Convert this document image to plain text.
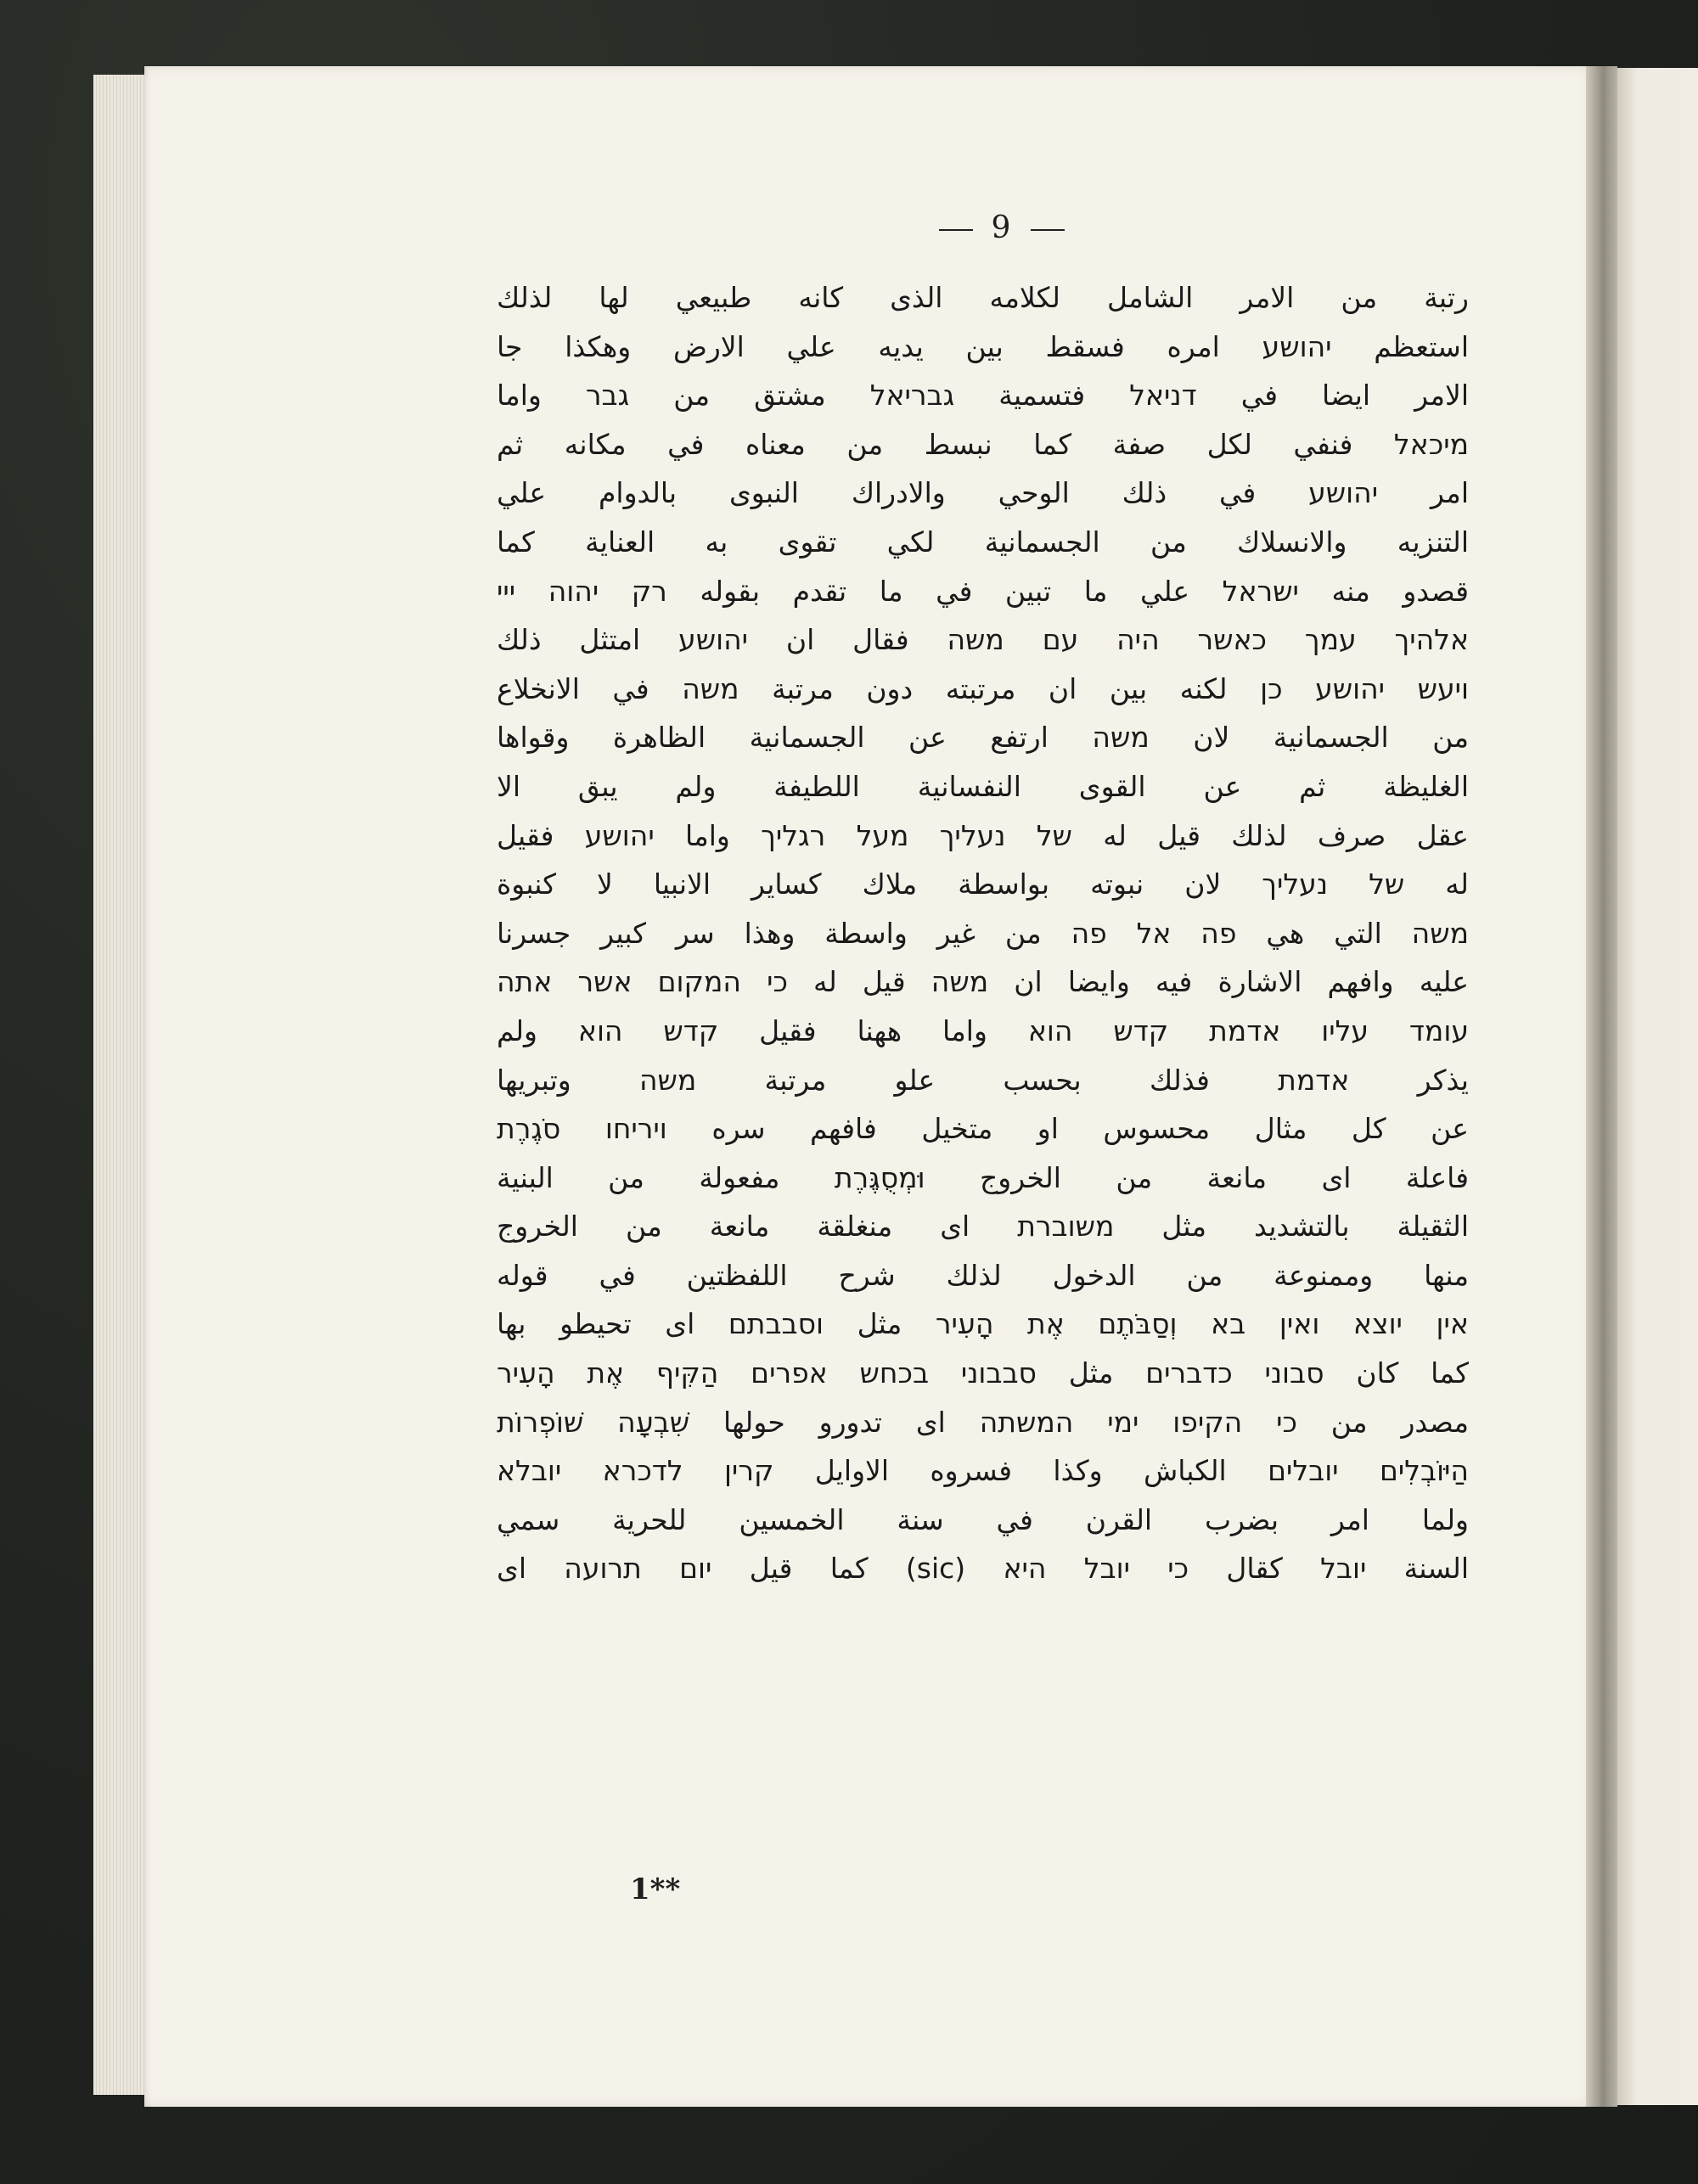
9
رتبة من الامر الشامل لكلامه الذى كانه طبيعي لها لذلك
استعظم יהושע امره فسقط بين يديه علي الارض وهكذا جا
الامر ايضا في דניאל فتسمية גבריאל مشتق من גבר واما
מיכאל فنفي لكل صفة كما نبسط من معناه في مكانه ثم
امر יהושע في ذلك الوحي والادراك النبوى بالدوام علي
التنزيه والانسلاك من الجسمانية لكي تقوى به العناية كما
قصدو منه ישראל علي ما تبين في ما تقدم بقوله רק יהוה ייי
אלהיך עמך כאשר היה עם משה فقال ان יהושע امتثل ذلك
ויעש יהושע כן لكنه بين ان مرتبته دون مرتبة משה في الانخلاع
من الجسمانية لان משה ارتفع عن الجسمانية الظاهرة وقواها
الغليظة ثم عن القوى النفسانية اللطيفة ولم يبق الا
عقل صرف لذلك قيل له של נעליך מעל רגליך واما יהושע فقيل
له של נעליך لان نبوته بواسطة ملاك كساير الانبيا لا كنبوة
משה التي هي פה אל פה من غير واسطة وهذا سر كبير جسرنا
عليه وافهم الاشارة فيه وايضا ان משה قيل له כי המקום אשר אתה
עומד עליו אדמת קדש הוא واما ههنا فقيل קדש הוא ولم
يذكر אדמת فذلك بحسب علو مرتبة משה وتبريها
عن كل مثال محسوس او متخيل فافهم سره ויריחו סֹגֶרֶת
فاعلة اى مانعة من الخروج וּמְסֻגֶּרֶת مفعولة من البنية
الثقيلة بالتشديد مثل משוברת اى منغلقة مانعة من الخروج
منها وممنوعة من الدخول لذلك شرح اللفظتين في قوله
אין יוצא ואין בא וְסַבֹּתֶם אֶת הָעִיר مثل וסבבתם اى تحيطو بها
كما كان סבוני כדברים مثل סבבוני בכחש אפרים הַקִּיף אֶת הָעִיר
مصدر من כי הקיפו ימי המשתה اى تدورو حولها שִׁבְעָה שׁוֹפְרוֹת
הַיּוֹבְלִים יובלים الكباش وكذا فسروه الاوايل קרין לדכרא יובלא
ولما امر بضرب القرن في سنة الخمسين للحرية سمي
السنة יובל كقال כי יובל היא (sic) كما قيل יום תרועה اى
1**
